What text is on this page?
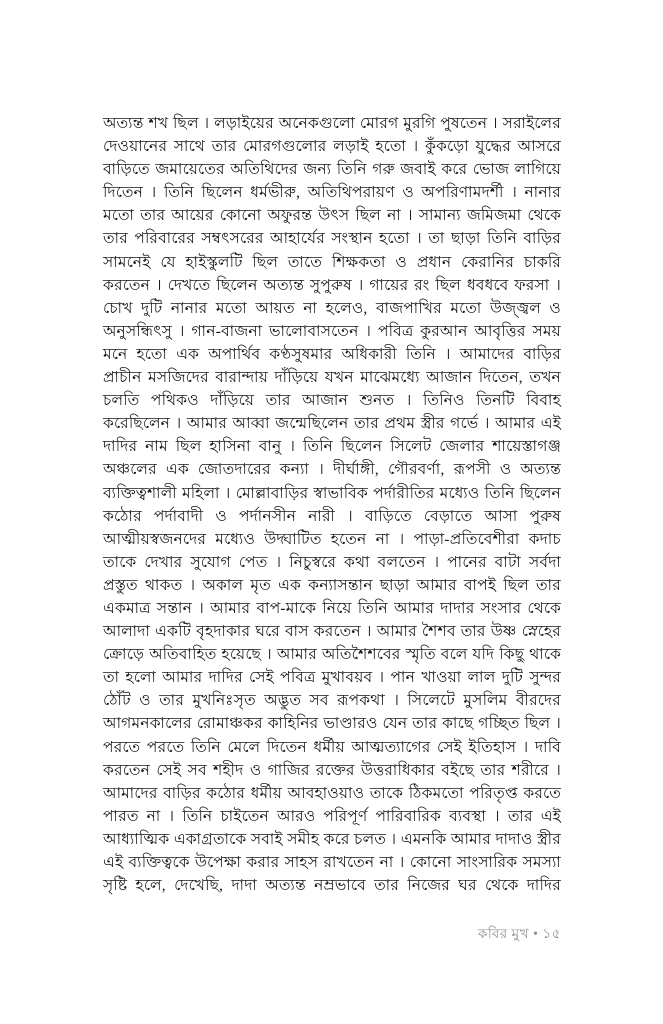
অত্যন্ত শখ ছিল । লড়াইয়ের অনেকগুলো মোরগ মুরগি পুষতেন । সরাইলের দেওয়ানের সাথে তার মোরগগুলোর লড়াই হতো । কুঁকড়ো যুদ্ধের আসরে বাড়িতে জমায়েতের অতিথিদের জন্য তিনি গরু জবাই করে ভোজ লাগিয়ে দিতেন । তিনি ছিলেন ধর্মভীরু, অতিথিপরায়ণ ও অপরিণামদর্শী । নানার মতো তার আয়ের কোনো অফুরন্ত উৎস ছিল না । সামান্য জমিজমা থেকে তার পরিবারের সম্বৎসরের আহার্যের সংস্থান হতো । তা ছাড়া তিনি বাড়ির সামনেই যে হাইস্কুলটি ছিল তাতে শিক্ষকতা ও প্রধান কেরানির চাকরি করতেন । দেখতে ছিলেন অত্যন্ত সুপুরুষ । গায়ের রং ছিল ধবধবে ফরসা । চোখ দুটি নানার মতো আয়ত না হলেও, বাজপাখির মতো উজ্জ্বল ও অনুসন্ধিৎসু । গান-বাজনা ভালোবাসতেন । পবিত্র কুরআন আবৃত্তির সময় মনে হতো এক অপার্থিব কণ্ঠসুষমার অধিকারী তিনি । আমাদের বাড়ির প্রাচীন মসজিদের বারান্দায় দাঁড়িয়ে যখন মাঝেমধ্যে আজান দিতেন, তখন চলতি পথিকও দাঁড়িয়ে তার আজান শুনত । তিনিও তিনটি বিবাহ করেছিলেন । আমার আব্বা জন্মেছিলেন তার প্রথম স্ত্রীর গর্ভে । আমার এই দাদির নাম ছিল হাসিনা বানু । তিনি ছিলেন সিলেট জেলার শায়েস্তাগঞ্জ অঞ্চলের এক জোতদারের কন্যা । দীর্ঘাঙ্গী, গৌরবর্ণা, রূপসী ও অত্যন্ত ব্যক্তিত্বশালী মহিলা । মোল্লাবাড়ির স্বাভাবিক পর্দারীতির মধ্যেও তিনি ছিলেন কঠোর পর্দাবাদী ও পর্দানসীন নারী । বাড়িতে বেড়াতে আসা পুরুষ আত্মীয়স্বজনদের মধ্যেও উদ্ঘাটিত হতেন না । পাড়া-প্রতিবেশীরা কদাচ তাকে দেখার সুযোগ পেত । নিচুস্বরে কথা বলতেন । পানের বাটা সর্বদা প্রস্তুত থাকত । অকাল মৃত এক কন্যাসন্তান ছাড়া আমার বাপই ছিল তার একমাত্র সন্তান । আমার বাপ-মাকে নিয়ে তিনি আমার দাদার সংসার থেকে আলাদা একটি বৃহদাকার ঘরে বাস করতেন । আমার শৈশব তার উষ্ণ স্নেহের ক্রোড়ে অতিবাহিত হয়েছে । আমার অতিশৈশবের স্মৃতি বলে যদি কিছু থাকে তা হলো আমার দাদির সেই পবিত্র মুখাবয়ব । পান খাওয়া লাল দুটি সুন্দর ঠোঁট ও তার মুখনিঃসৃত অদ্ভুত সব রূপকথা । সিলেটে মুসলিম বীরদের আগমনকালের রোমাঞ্চকর কাহিনির ভাণ্ডারও যেন তার কাছে গচ্ছিত ছিল । পরতে পরতে তিনি মেলে দিতেন ধর্মীয় আত্মত্যাগের সেই ইতিহাস । দাবি করতেন সেই সব শহীদ ও গাজির রক্তের উত্তরাধিকার বইছে তার শরীরে । আমাদের বাড়ির কঠোর ধর্মীয় আবহাওয়াও তাকে ঠিকমতো পরিতৃপ্ত করতে পারত না । তিনি চাইতেন আরও পরিপূর্ণ পারিবারিক ব্যবস্থা । তার এই আধ্যাত্মিক একাগ্রতাকে সবাই সমীহ করে চলত । এমনকি আমার দাদাও স্ত্রীর এই ব্যক্তিত্বকে উপেক্ষা করার সাহস রাখতেন না । কোনো সাংসারিক সমস্যা সৃষ্টি হলে, দেখেছি, দাদা অত্যন্ত নম্রভাবে তার নিজের ঘর থেকে দাদির

কবির মুখ • ১৫
